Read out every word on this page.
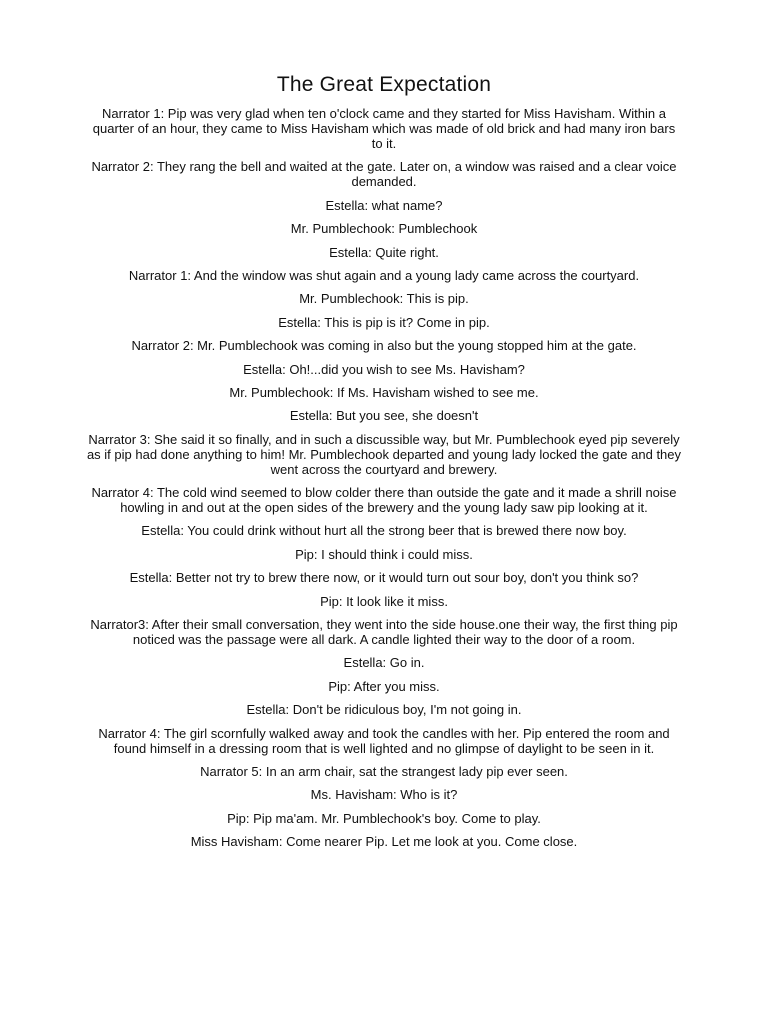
The Great Expectation

Narrator 1: Pip was very glad when ten o'clock came and they started for Miss Havisham. Within a quarter of an hour, they came to Miss Havisham which was made of old brick and had many iron bars to it.

Narrator 2: They rang the bell and waited at the gate. Later on, a window was raised and a clear voice demanded.

Estella: what name?

Mr. Pumblechook: Pumblechook

Estella: Quite right.

Narrator 1: And the window was shut again and a young lady came across the courtyard.

Mr. Pumblechook: This is pip.

Estella: This is pip is it? Come in pip.

Narrator 2: Mr. Pumblechook was coming in also but the young stopped him at the gate.

Estella: Oh!...did you wish to see Ms. Havisham?

Mr. Pumblechook: If Ms. Havisham wished to see me.

Estella: But you see, she doesn't

Narrator 3: She said it so finally, and in such a discussible way, but Mr. Pumblechook eyed pip severely as if pip had done anything to him! Mr. Pumblechook departed and young lady locked the gate and they went across the courtyard and brewery.

Narrator 4: The cold wind seemed to blow colder there than outside the gate and it made a shrill noise howling in and out at the open sides of the brewery and the young lady saw pip looking at it.

Estella: You could drink without hurt all the strong beer that is brewed there now boy.

Pip: I should think i could miss.

Estella: Better not try to brew there now, or it would turn out sour boy, don't you think so?

Pip: It look like it miss.

Narrator3: After their small conversation, they went into the side house.one their way, the first thing pip noticed was the passage were all dark. A candle lighted their way to the door of a room.

Estella: Go in.

Pip: After you miss.

Estella: Don't be ridiculous boy, I'm not going in.

Narrator 4: The girl scornfully walked away and took the candles with her. Pip entered the room and found himself in a dressing room that is well lighted and no glimpse of daylight to be seen in it.

Narrator 5: In an arm chair, sat the strangest lady pip ever seen.

Ms. Havisham: Who is it?

Pip: Pip ma'am. Mr. Pumblechook's boy. Come to play.

Miss Havisham: Come nearer Pip. Let me look at you. Come close.
